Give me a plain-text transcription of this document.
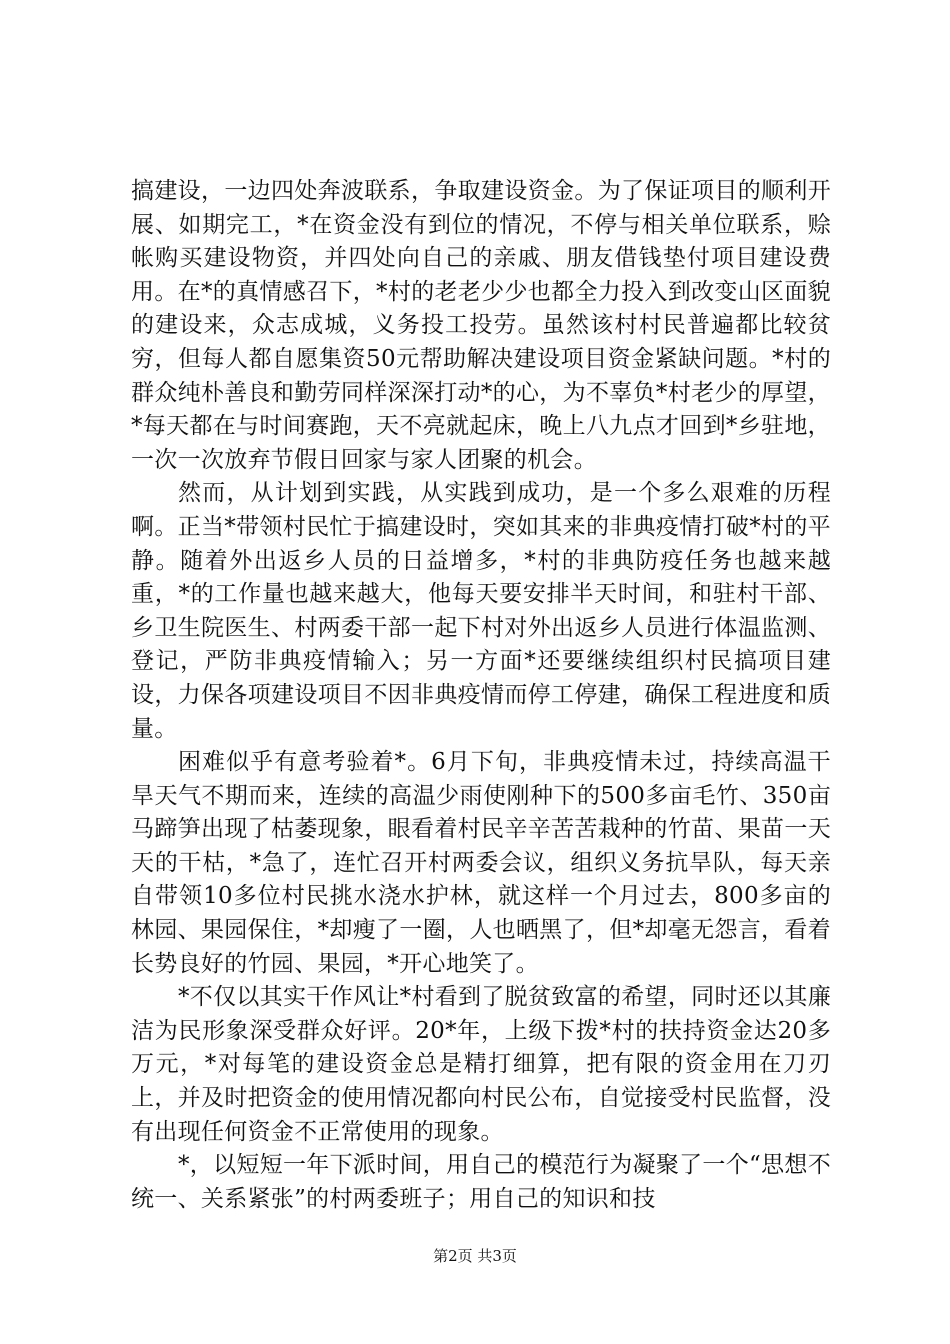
搞建设，一边四处奔波联系，争取建设资金。为了保证项目的顺利开展、如期完工，*在资金没有到位的情况，不停与相关单位联系，赊帐购买建设物资，并四处向自己的亲戚、朋友借钱垫付项目建设费用。在*的真情感召下，*村的老老少少也都全力投入到改变山区面貌的建设来，众志成城，义务投工投劳。虽然该村村民普遍都比较贫穷，但每人都自愿集资50元帮助解决建设项目资金紧缺问题。*村的群众纯朴善良和勤劳同样深深打动*的心，为不辜负*村老少的厚望，*每天都在与时间赛跑，天不亮就起床，晚上八九点才回到*乡驻地，一次一次放弃节假日回家与家人团聚的机会。

然而，从计划到实践，从实践到成功，是一个多么艰难的历程啊。正当*带领村民忙于搞建设时，突如其来的非典疫情打破*村的平静。随着外出返乡人员的日益增多，*村的非典防疫任务也越来越重，*的工作量也越来越大，他每天要安排半天时间，和驻村干部、乡卫生院医生、村两委干部一起下村对外出返乡人员进行体温监测、登记，严防非典疫情输入；另一方面*还要继续组织村民搞项目建设，力保各项建设项目不因非典疫情而停工停建，确保工程进度和质量。

困难似乎有意考验着*。6月下旬，非典疫情未过，持续高温干旱天气不期而来，连续的高温少雨使刚种下的500多亩毛竹、350亩马蹄笋出现了枯萎现象，眼看着村民辛辛苦苦栽种的竹苗、果苗一天天的干枯，*急了，连忙召开村两委会议，组织义务抗旱队，每天亲自带领10多位村民挑水浇水护林，就这样一个月过去，800多亩的林园、果园保住，*却瘦了一圈，人也晒黑了，但*却毫无怨言，看着长势良好的竹园、果园，*开心地笑了。

*不仅以其实干作风让*村看到了脱贫致富的希望，同时还以其廉洁为民形象深受群众好评。20*年，上级下拨*村的扶持资金达20多万元，*对每笔的建设资金总是精打细算，把有限的资金用在刀刃上，并及时把资金的使用情况都向村民公布，自觉接受村民监督，没有出现任何资金不正常使用的现象。

*，以短短一年下派时间，用自己的模范行为凝聚了一个“思想不统一、关系紧张”的村两委班子；用自己的知识和技

第2页 共3页
